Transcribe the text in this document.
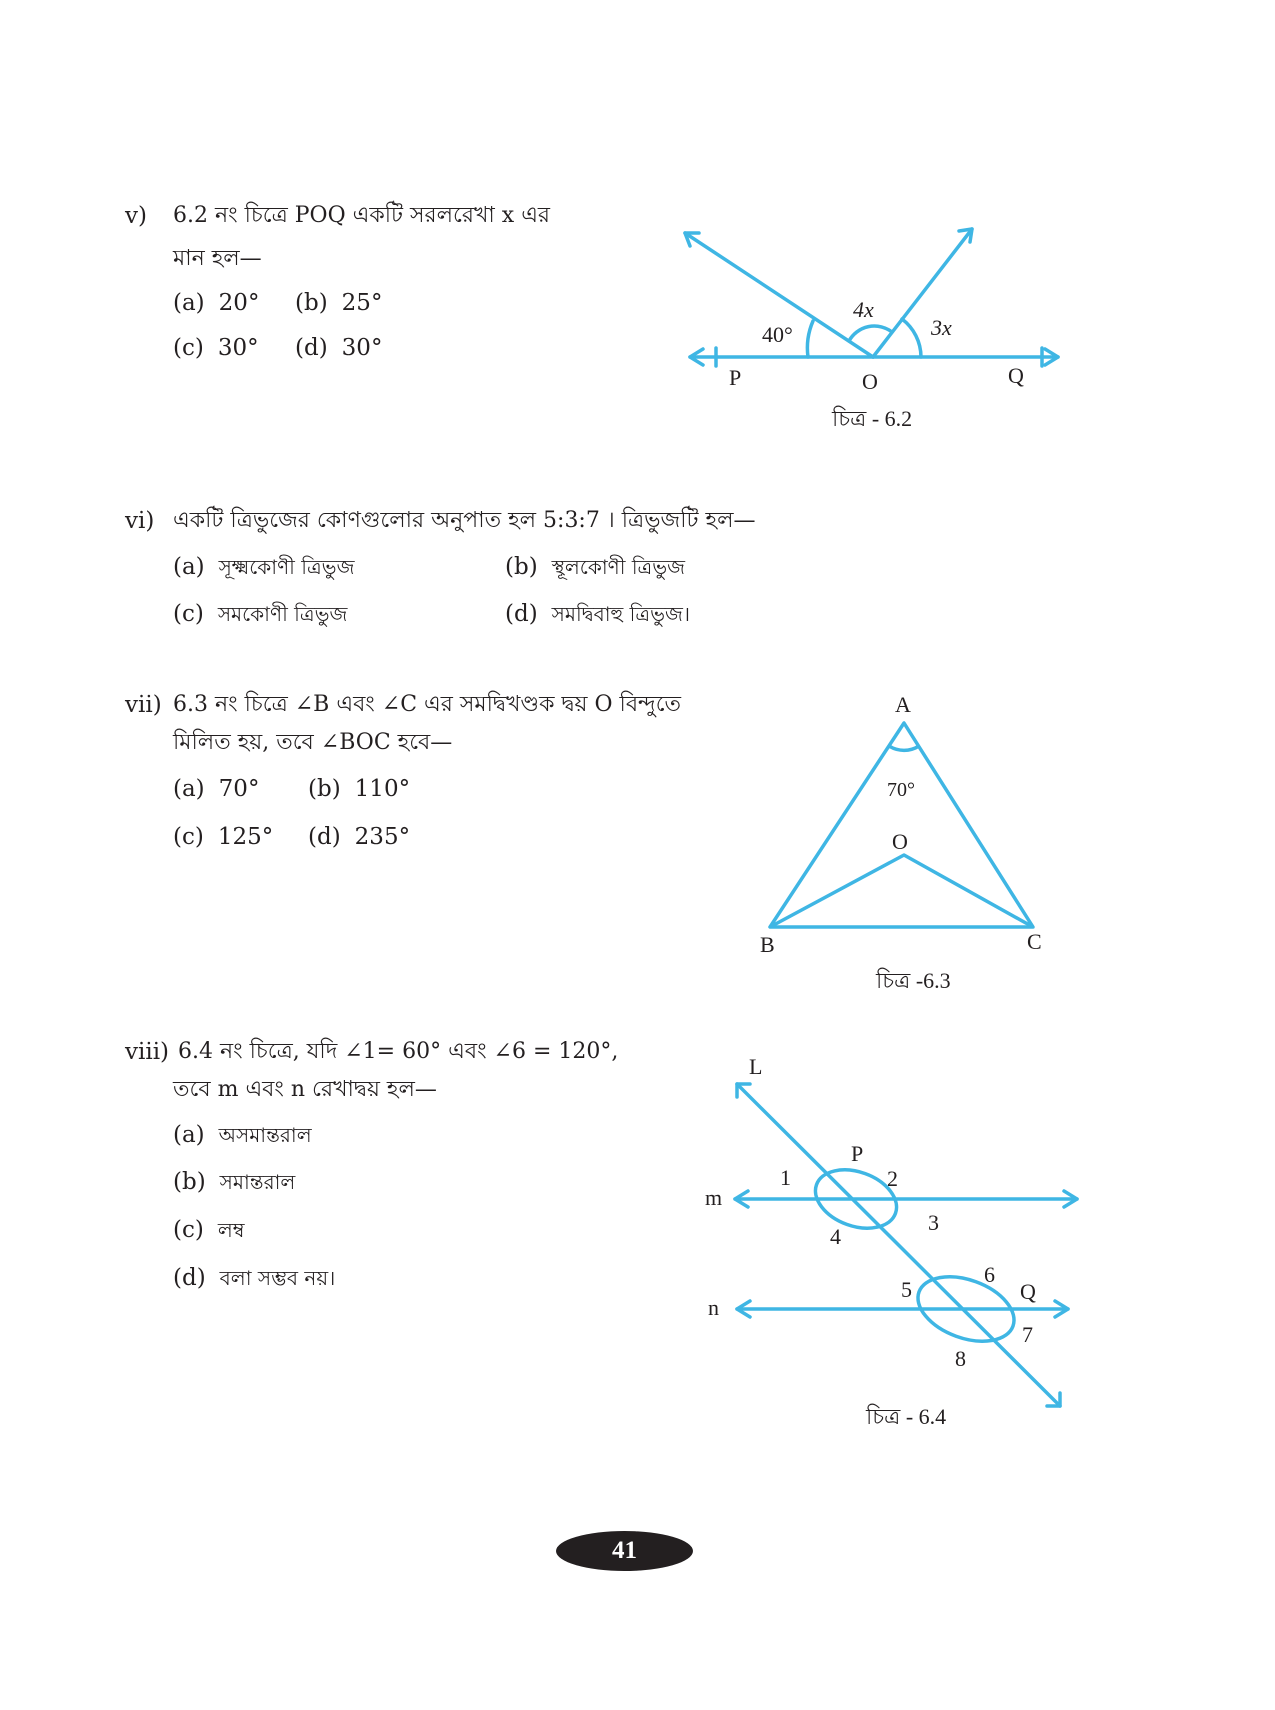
v) 6.2 নং চিত্রে POQ একটি সরলরেখা x এর
মান হল—
(a) 20° (b) 25°
(c) 30° (d) 30°
vi) একটি ত্রিভুজের কোণগুলোর অনুপাত হল 5:3:7 । ত্রিভুজটি হল—
(a) সূক্ষ্মকোণী ত্রিভুজ	(b) স্থূলকোণী ত্রিভুজ
(c) সমকোণী ত্রিভুজ	(d) সমদ্বিবাহু ত্রিভুজ।
vii) 6.3 নং চিত্রে ∠B এবং ∠C এর সমদ্বিখণ্ডক দ্বয় O বিন্দুতে
মিলিত হয়, তবে ∠BOC হবে—
(a) 70° (b) 110°
(c) 125° (d) 235°
viii) 6.4 নং চিত্রে, যদি ∠1= 60° এবং ∠6 = 120°,
তবে m এবং n রেখাদ্বয় হল—
(a) অসমান্তরাল
(b) সমান্তরাল
(c) লম্ব
(d) বলা সম্ভব নয়।
40°
4x
3x
P	O	Q
চিত্র - 6.2
A
70°
O
B	C
চিত্র -6.3
L
P
m
1	2
3
4
5
6
Q
n
7
8
চিত্র - 6.4
41
